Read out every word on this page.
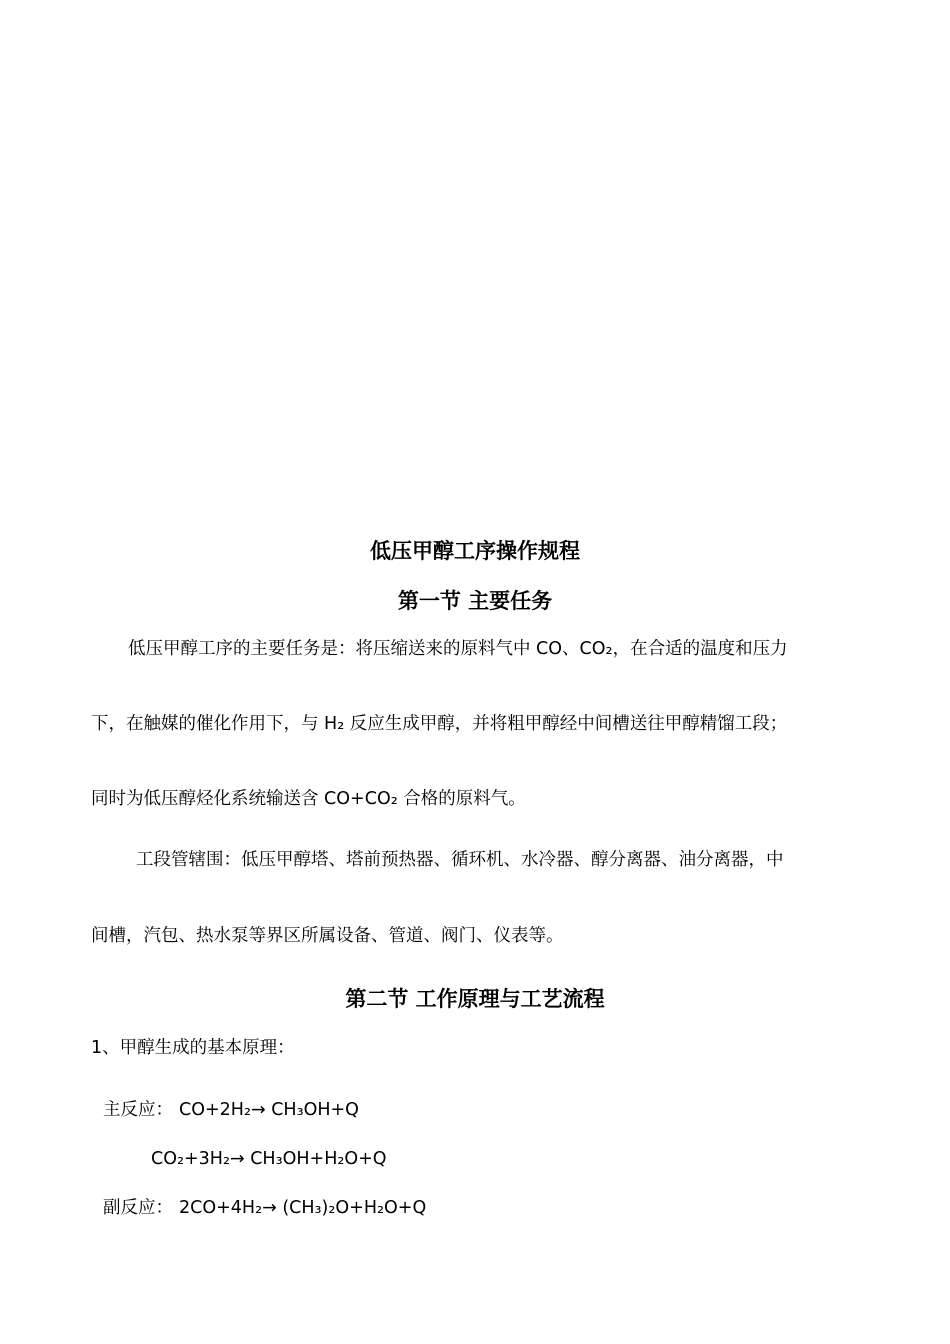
低压甲醇工序操作规程
第一节 主要任务
低压甲醇工序的主要任务是：将压缩送来的原料气中 CO、CO₂，在合适的温度和压力
下，在触媒的催化作用下，与 H₂ 反应生成甲醇，并将粗甲醇经中间槽送往甲醇精馏工段；
同时为低压醇烃化系统输送含 CO+CO₂ 合格的原料气。
工段管辖围：低压甲醇塔、塔前预热器、循环机、水冷器、醇分离器、油分离器，中
间槽，汽包、热水泵等界区所属设备、管道、阀门、仪表等。
第二节 工作原理与工艺流程
1、甲醇生成的基本原理：
主反应： CO+2H₂→ CH₃OH+Q
CO₂+3H₂→ CH₃OH+H₂O+Q
副反应： 2CO+4H₂→ (CH₃)₂O+H₂O+Q
